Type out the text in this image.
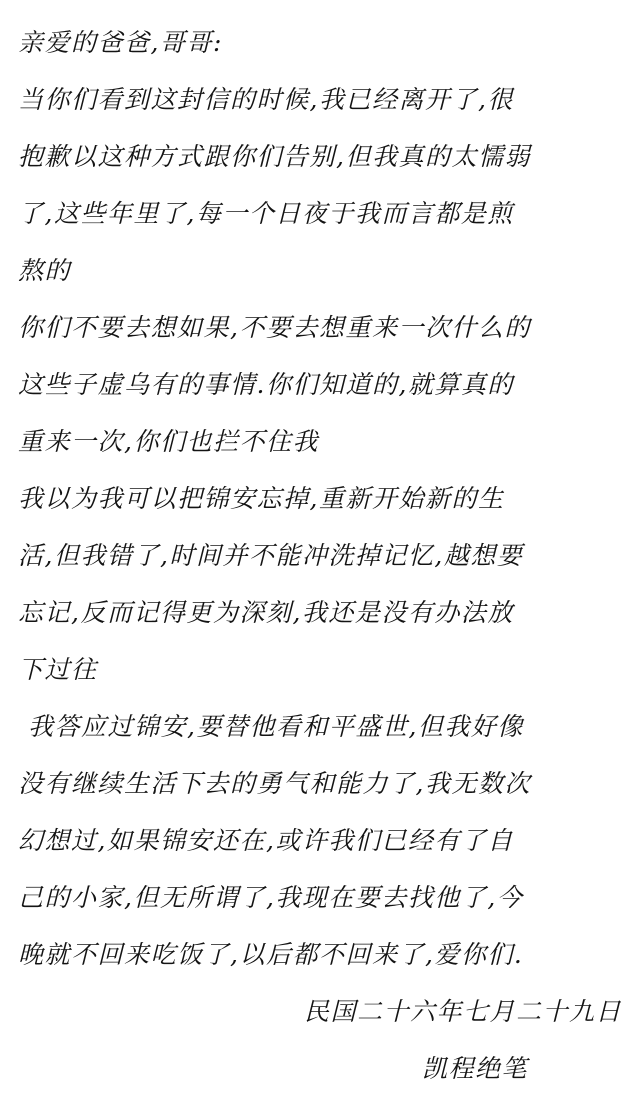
亲爱的爸爸,哥哥:
当你们看到这封信的时候,我已经离开了,很
抱歉以这种方式跟你们告别,但我真的太懦弱
了,这些年里了,每一个日夜于我而言都是煎
熬的
你们不要去想如果,不要去想重来一次什么的
这些子虚乌有的事情.你们知道的,就算真的
重来一次,你们也拦不住我
我以为我可以把锦安忘掉,重新开始新的生
活,但我错了,时间并不能冲洗掉记忆,越想要
忘记,反而记得更为深刻,我还是没有办法放
下过往
我答应过锦安,要替他看和平盛世,但我好像
没有继续生活下去的勇气和能力了,我无数次
幻想过,如果锦安还在,或许我们已经有了自
己的小家,但无所谓了,我现在要去找他了,今
晚就不回来吃饭了,以后都不回来了,爱你们.
民国二十六年七月二十九日
凯程绝笔
